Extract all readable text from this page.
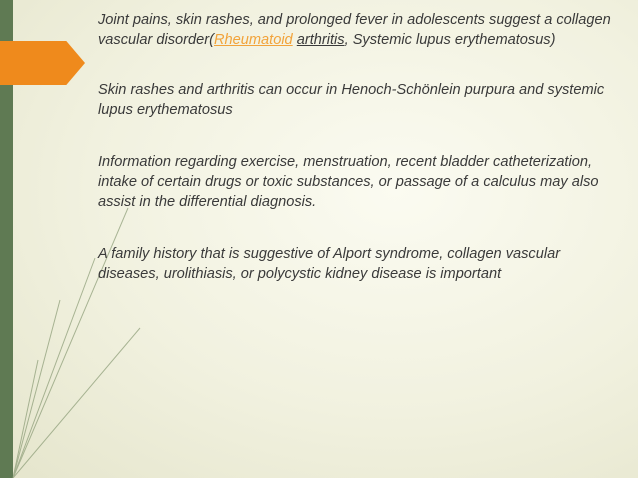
Joint pains, skin rashes, and prolonged fever in adolescents suggest a collagen vascular disorder(Rheumatoid arthritis, Systemic lupus erythematosus)
Skin rashes and arthritis can occur in Henoch-Schönlein purpura and systemic lupus erythematosus
Information regarding exercise, menstruation, recent bladder catheterization, intake of certain drugs or toxic substances, or passage of a calculus may also assist in the differential diagnosis.
A family history that is suggestive of Alport syndrome, collagen vascular diseases, urolithiasis, or polycystic kidney disease is important
